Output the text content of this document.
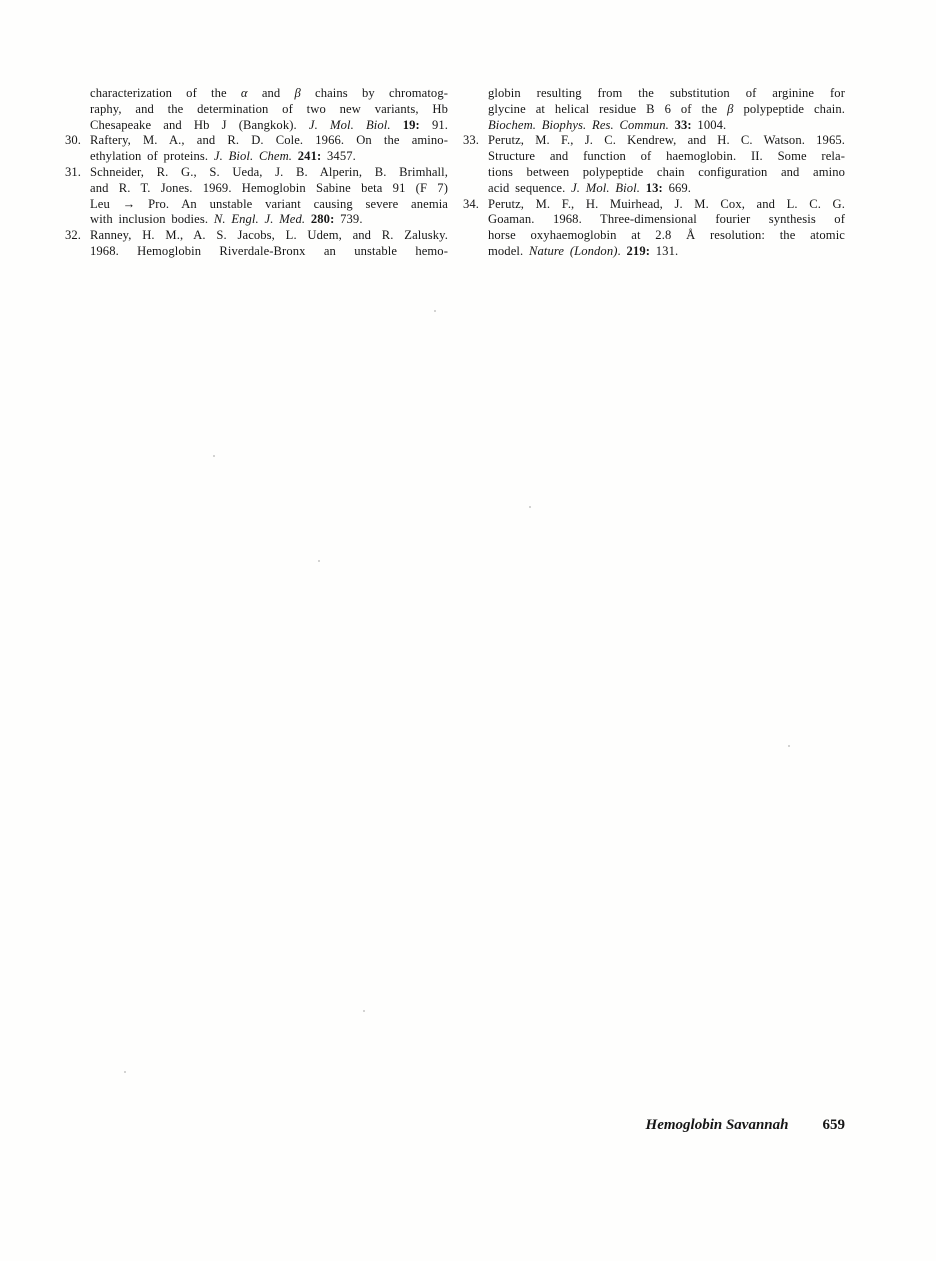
characterization of the α and β chains by chromatog-
raphy, and the determination of two new variants, Hb
Chesapeake and Hb J (Bangkok). J. Mol. Biol. 19: 91.
30. Raftery, M. A., and R. D. Cole. 1966. On the amino-
ethylation of proteins. J. Biol. Chem. 241: 3457.
31. Schneider, R. G., S. Ueda, J. B. Alperin, B. Brimhall,
and R. T. Jones. 1969. Hemoglobin Sabine beta 91 (F 7)
Leu → Pro. An unstable variant causing severe anemia
with inclusion bodies. N. Engl. J. Med. 280: 739.
32. Ranney, H. M., A. S. Jacobs, L. Udem, and R. Zalusky.
1968. Hemoglobin Riverdale-Bronx an unstable hemo-
globin resulting from the substitution of arginine for
glycine at helical residue B 6 of the β polypeptide chain.
Biochem. Biophys. Res. Commun. 33: 1004.
33. Perutz, M. F., J. C. Kendrew, and H. C. Watson. 1965.
Structure and function of haemoglobin. II. Some rela-
tions between polypeptide chain configuration and amino
acid sequence. J. Mol. Biol. 13: 669.
34. Perutz, M. F., H. Muirhead, J. M. Cox, and L. C. G.
Goaman. 1968. Three-dimensional fourier synthesis of
horse oxyhaemoglobin at 2.8 Å resolution: the atomic
model. Nature (London). 219: 131.
Hemoglobin Savannah 659
